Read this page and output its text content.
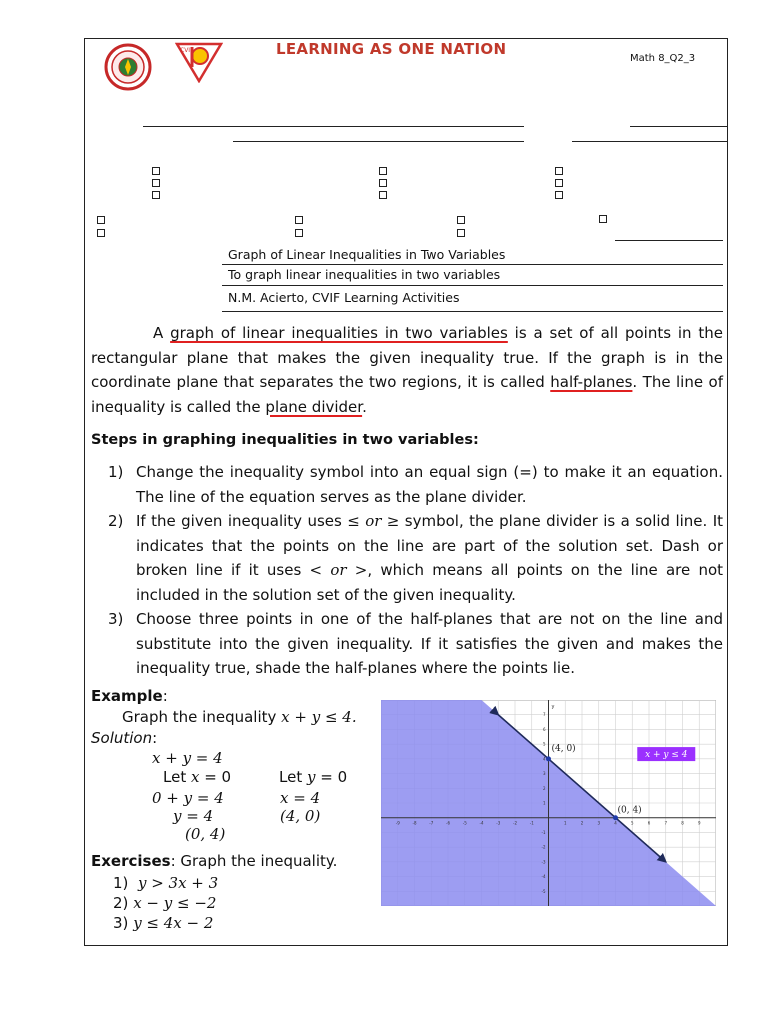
CVIF	LEARNING AS ONE NATION
Math 8_Q2_3
Graph of Linear Inequalities in Two Variables
To graph linear inequalities in two variables
N.M. Acierto, CVIF Learning Activities
A graph of linear inequalities in two variables is a set of all points in the rectangular plane that makes the given inequality true. If the graph is in the coordinate plane that separates the two regions, it is called half-planes. The line of inequality is called the plane divider.
Steps in graphing inequalities in two variables:
1) Change the inequality symbol into an equal sign (=) to make it an equation. The line of the equation serves as the plane divider.
2) If the given inequality uses ≤ or ≥ symbol, the plane divider is a solid line. It indicates that the points on the line are part of the solution set. Dash or broken line if it uses < or >, which means all points on the line are not included in the solution set of the given inequality.
3) Choose three points in one of the half-planes that are not on the line and substitute into the given inequality. If it satisfies the given and makes the inequality true, shade the half-planes where the points lie.
Example:
Graph the inequality x + y ≤ 4.
Solution:
x + y = 4
Let x = 0	Let y = 0
0 + y = 4	x = 4
y = 4	(4, 0)
(0, 4)
Exercises: Graph the inequality.
1) y > 3x + 3
2) x − y ≤ −2
3) y ≤ 4x − 2
-9	-8	-7	-6	-5	-4	-3	-2	-1	1	2	3	4	5	6	7	8	9
-5
-4
-3
-2
-1
1
2
3
4
5
6
7
y
(4, 0)
(0, 4)
x + y ≤ 4
